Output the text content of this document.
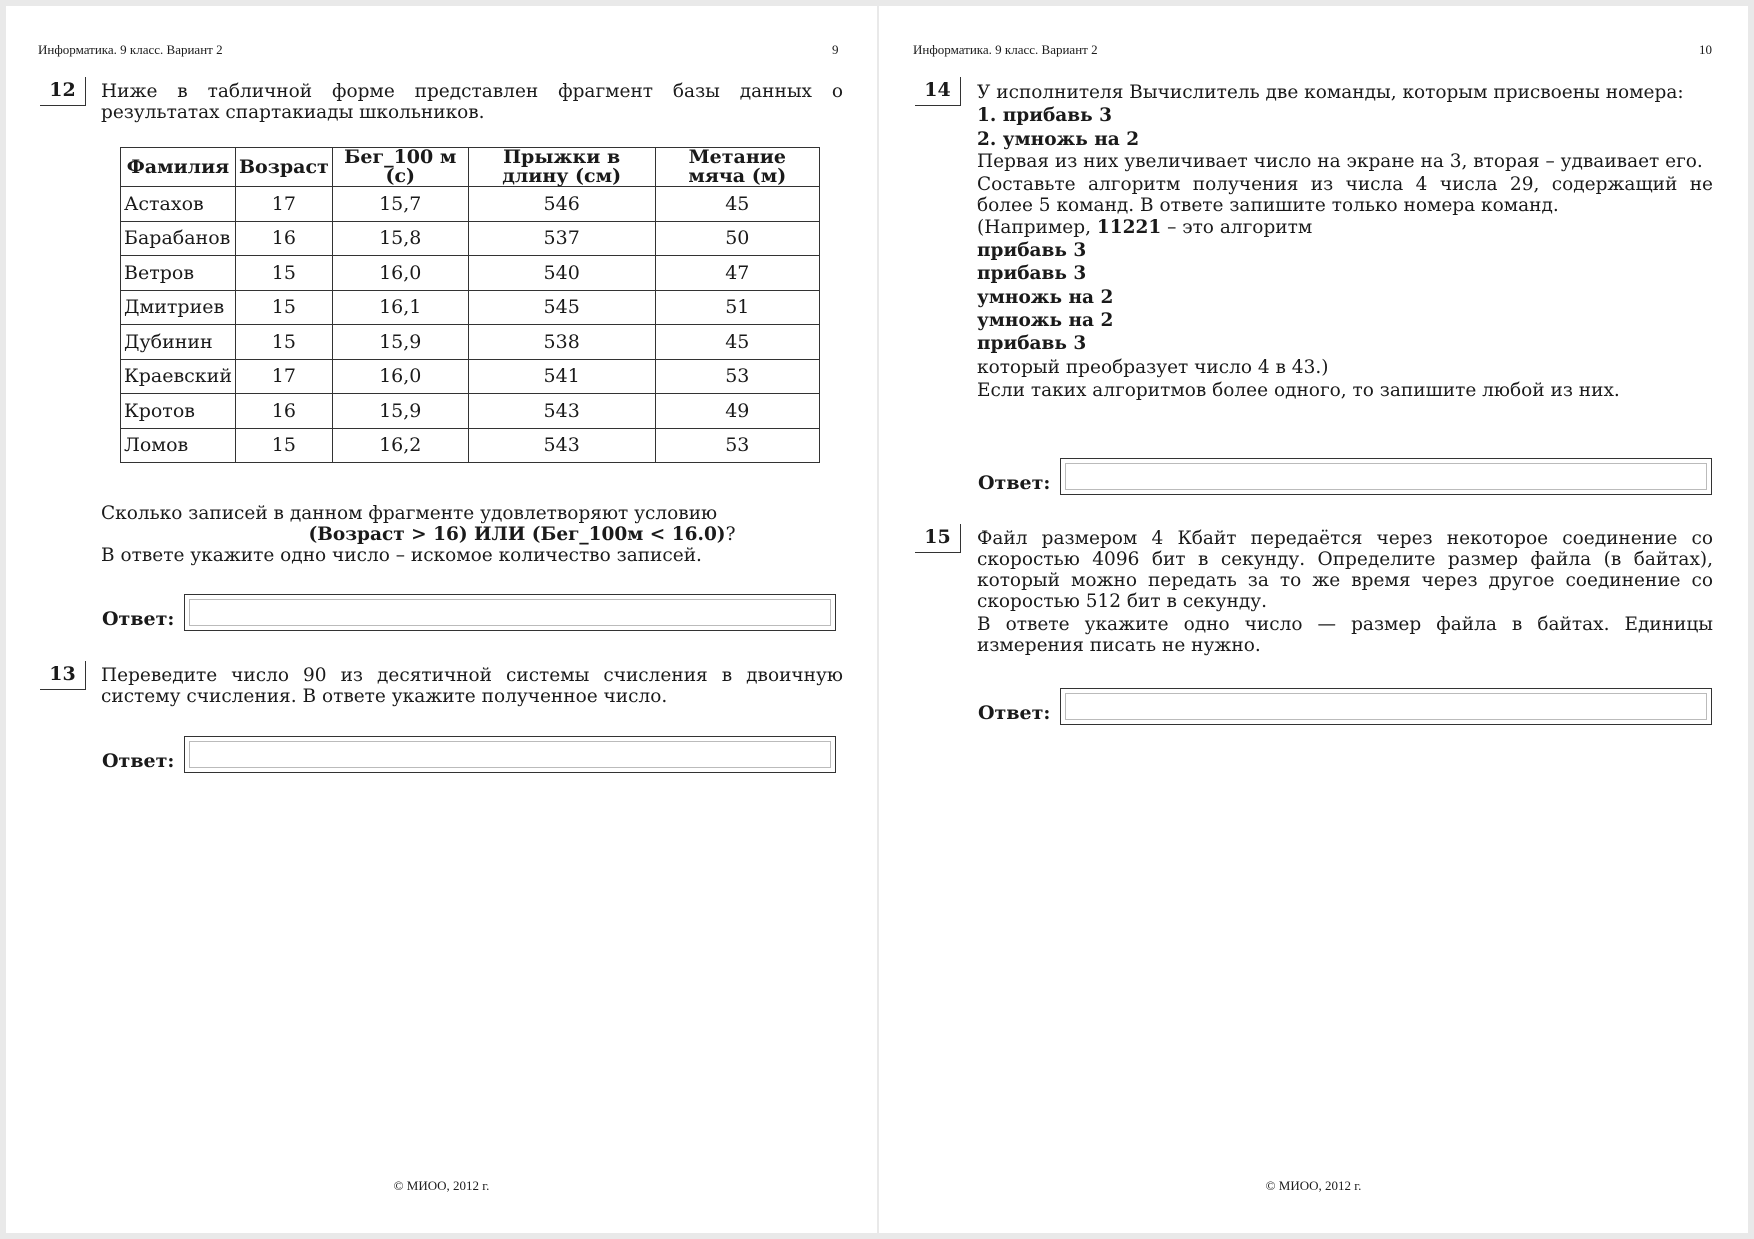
Информатика. 9 класс. Вариант 2	9
12	Ниже в табличной форме представлен фрагмент базы данных о результатах спартакиады школьников.

Фамилия	Возраст	Бег_100 м (с)	Прыжки в длину (см)	Метание мяча (м)
Астахов	17	15,7	546	45
Барабанов	16	15,8	537	50
Ветров	15	16,0	540	47
Дмитриев	15	16,1	545	51
Дубинин	15	15,9	538	45
Краевский	17	16,0	541	53
Кротов	16	15,9	543	49
Ломов	15	16,2	543	53

Сколько записей в данном фрагменте удовлетворяют условию

(Возраст > 16) ИЛИ (Бег_100м < 16.0)?

В ответе укажите одно число – искомое количество записей.

Ответ:
13	Переведите число 90 из десятичной системы счисления в двоичную систему счисления. В ответе укажите полученное число.

Ответ:
© МИОО, 2012 г.
Информатика. 9 класс. Вариант 2	10
14	У исполнителя Вычислитель две команды, которым присвоены номера:

1. прибавь 3

2. умножь на 2

Первая из них увеличивает число на экране на 3, вторая – удваивает его.

Составьте алгоритм получения из числа 4 числа 29, содержащий не более 5 команд. В ответе запишите только номера команд.

(Например, 11221 – это алгоритм

прибавь 3

прибавь 3

умножь на 2

умножь на 2

прибавь 3

который преобразует число 4 в 43.)

Если таких алгоритмов более одного, то запишите любой из них.

Ответ:
15	Файл размером 4 Кбайт передаётся через некоторое соединение со скоростью 4096 бит в секунду. Определите размер файла (в байтах), который можно передать за то же время через другое соединение со скоростью 512 бит в секунду.

В ответе укажите одно число — размер файла в байтах. Единицы измерения писать не нужно.

Ответ:
© МИОО, 2012 г.
